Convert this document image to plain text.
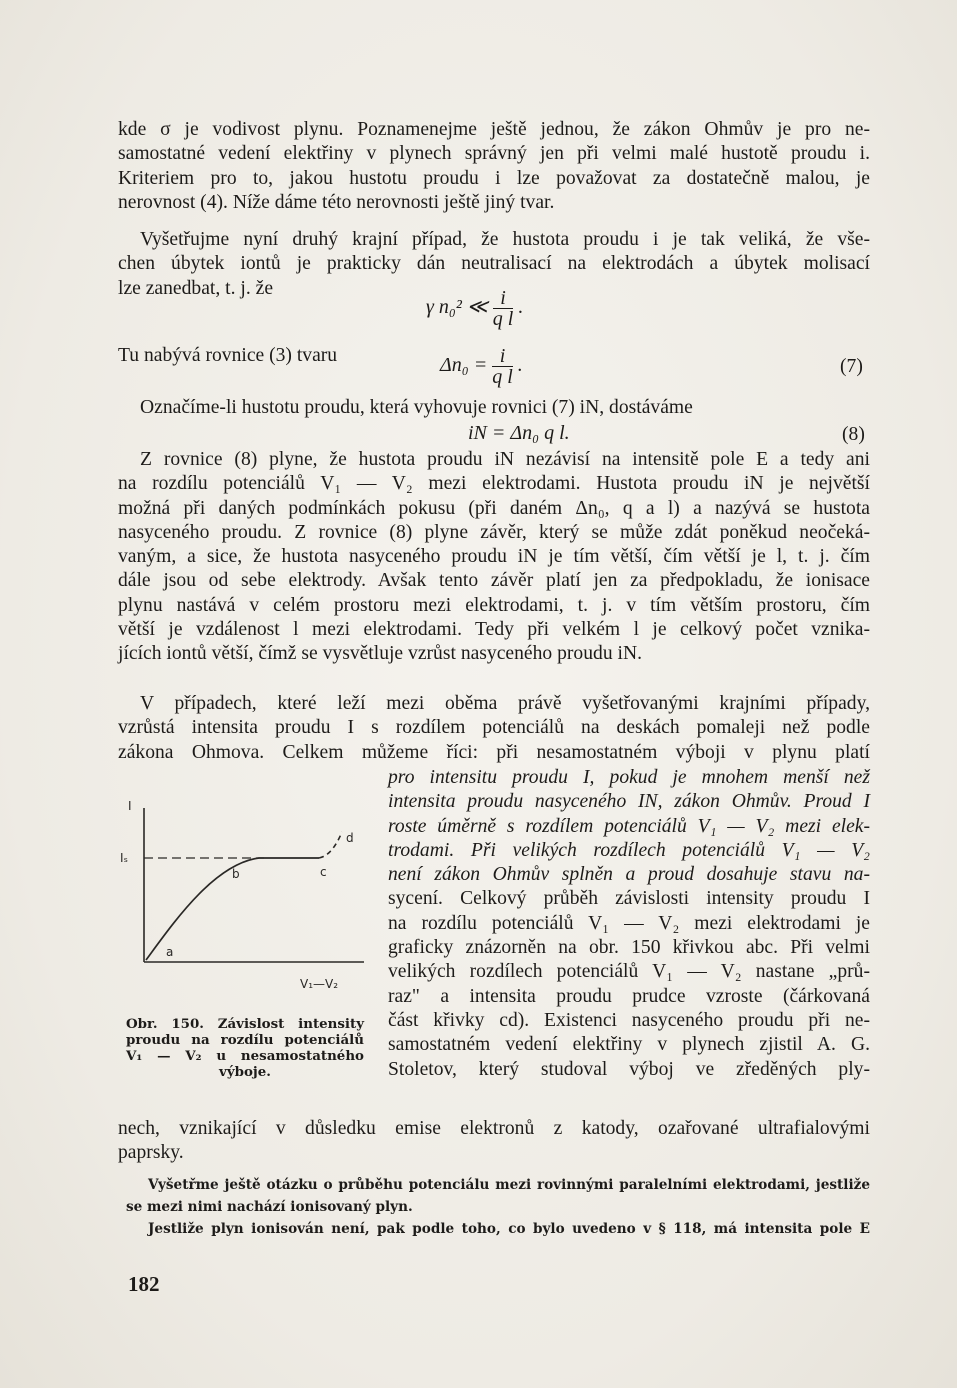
kde σ je vodivost plynu. Poznamenejme ještě jednou, že zákon Ohmův je pro ne-
samostatné vedení elektřiny v plynech správný jen při velmi malé hustotě proudu i.
Kriteriem pro to, jakou hustotu proudu i lze považovat za dostatečně malou, je
nerovnost (4). Níže dáme této nerovnosti ještě jiný tvar.
Vyšetřujme nyní druhý krajní případ, že hustota proudu i je tak veliká, že vše-
chen úbytek iontů je prakticky dán neutralisací na elektrodách a úbytek molisací
lze zanedbat, t. j. že
γ n₀² ≪ $\frac{i}{\text{q l}}$ .
Tu nabývá rovnice (3) tvaru	$\Delta n_0 = \frac{i}{\text{q l}}$ .	(7)
Označíme-li hustotu proudu, která vyhovuje rovnici (7) iN, dostáváme
iN = Δn₀ q l.	(8)
Z rovnice (8) plyne, že hustota proudu iN nezávisí na intensitě pole E a tedy ani
na rozdílu potenciálů V₁ — V₂ mezi elektrodami. Hustota proudu iN je největší
možná při daných podmínkách pokusu (při daném Δn₀, q a l) a nazývá se hustota
nasyceného proudu. Z rovnice (8) plyne závěr, který se může zdát poněkud neočeká-
vaným, a sice, že hustota nasyceného proudu iN je tím větší, čím větší je l, t. j. čím
dále jsou od sebe elektrody. Avšak tento závěr platí jen za předpokladu, že ionisace
plynu nastává v celém prostoru mezi elektrodami, t. j. v tím větším prostoru, čím
větší je vzdálenost l mezi elektrodami. Tedy při velkém l je celkový počet vznika-
jících iontů větší, čímž se vysvětluje vzrůst nasyceného proudu iN.
V případech, které leží mezi oběma právě vyšetřovanými krajními případy,
vzrůstá intensita proudu I s rozdílem potenciálů na deskách pomaleji než podle
zákona Ohmova. Celkem můžeme říci: při nesamostatném výboji v plynu platí
pro intensitu proudu I, pokud je mnohem menší než
intensita proudu nasyceného IN, zákon Ohmův. Proud I
roste úměrně s rozdílem potenciálů V₁ — V₂ mezi elek-
trodami. Při velikých rozdílech potenciálů V₁ — V₂
není zákon Ohmův splněn a proud dosahuje stavu na-
sycení. Celkový průběh závislosti intensity proudu I
na rozdílu potenciálů V₁ — V₂ mezi elektrodami je
graficky znázorněn na obr. 150 křivkou abc. Při velmi
velikých rozdílech potenciálů V₁ — V₂ nastane „prů-
raz" a intensita proudu prudce vzroste (čárkovaná
část křivky cd). Existenci nasyceného proudu při ne-
samostatném vedení elektřiny v plynech zjistil A. G.
Stoletov, který studoval výboj ve zředěných ply-
I
Iₛ
a
b	c
d
V₁—V₂
Obr. 150. Závislost intensity
proudu na rozdílu potenciálů
V₁ — V₂ u nesamostatného
výboje.
nech, vznikající v důsledku emise elektronů z katody, ozařované ultrafialovými
paprsky.
Vyšetřme ještě otázku o průběhu potenciálu mezi rovinnými paralelními elektrodami, jestliže
se mezi nimi nachází ionisovaný plyn.
Jestliže plyn ionisován není, pak podle toho, co bylo uvedeno v § 118, má intensita pole E
182
